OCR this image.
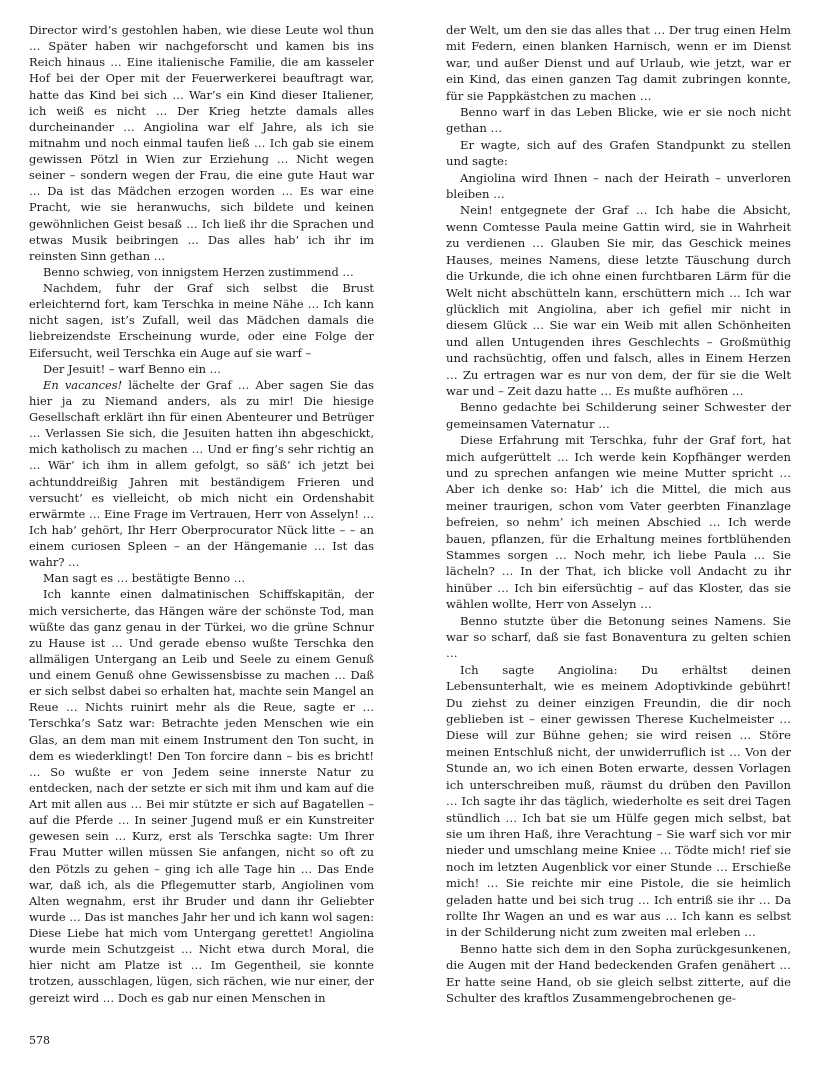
Director wird’s gestohlen haben, wie diese Leute wol thun … Später haben wir nachgeforscht und kamen bis ins Reich hinaus … Eine italienische Familie, die am kasseler Hof bei der Oper mit der Feuerwerkerei beauftragt war, hatte das Kind bei sich … War’s ein Kind dieser Italiener, ich weiß es nicht … Der Krieg hetzte damals alles durcheinander … Angiolina war elf Jahre, als ich sie mitnahm und noch einmal taufen ließ … Ich gab sie einem gewissen Pötzl in Wien zur Erziehung … Nicht wegen seiner – sondern wegen der Frau, die eine gute Haut war … Da ist das Mädchen erzogen worden … Es war eine Pracht, wie sie heranwuchs, sich bildete und keinen gewöhnlichen Geist besaß … Ich ließ ihr die Sprachen und etwas Musik beibringen … Das alles hab’ ich ihr im reinsten Sinn gethan …

Benno schwieg, von innigstem Herzen zustimmend …

Nachdem, fuhr der Graf sich selbst die Brust erleichternd fort, kam Terschka in meine Nähe … Ich kann nicht sagen, ist’s Zufall, weil das Mädchen damals die liebreizendste Erscheinung wurde, oder eine Folge der Eifersucht, weil Terschka ein Auge auf sie warf –

Der Jesuit! – warf Benno ein …

En vacances! lächelte der Graf … Aber sagen Sie das hier ja zu Niemand anders, als zu mir! Die hiesige Gesellschaft erklärt ihn für einen Abenteurer und Betrüger … Verlassen Sie sich, die Jesuiten hatten ihn abgeschickt, mich katholisch zu machen … Und er fing’s sehr richtig an … Wär’ ich ihm in allem gefolgt, so säß’ ich jetzt bei achtunddreißig Jahren mit beständigem Frieren und versucht’ es vielleicht, ob mich nicht ein Ordenshabit erwärmte … Eine Frage im Vertrauen, Herr von Asselyn! … Ich hab’ gehört, Ihr Herr Oberprocurator Nück litte – – an einem curiosen Spleen – an der Hängemanie … Ist das wahr? …

Man sagt es … bestätigte Benno …

Ich kannte einen dalmatinischen Schiffskapitän, der mich versicherte, das Hängen wäre der schönste Tod, man wüßte das ganz genau in der Türkei, wo die grüne Schnur zu Hause ist … Und gerade ebenso wußte Terschka den allmäligen Untergang an Leib und Seele zu einem Genuß und einem Genuß ohne Gewissensbisse zu machen … Daß er sich selbst dabei so erhalten hat, machte sein Mangel an Reue … Nichts ruinirt mehr als die Reue, sagte er … Terschka’s Satz war: Betrachte jeden Menschen wie ein Glas, an dem man mit einem Instrument den Ton sucht, in dem es wiederklingt! Den Ton forcire dann – bis es bricht! … So wußte er von Jedem seine innerste Natur zu entdecken, nach der setzte er sich mit ihm und kam auf die Art mit allen aus … Bei mir stützte er sich auf Bagatellen – auf die Pferde … In seiner Jugend muß er ein Kunstreiter gewesen sein … Kurz, erst als Terschka sagte: Um Ihrer Frau Mutter willen müssen Sie anfangen, nicht so oft zu den Pötzls zu gehen – ging ich alle Tage hin … Das Ende war, daß ich, als die Pflegemutter starb, Angiolinen vom Alten wegnahm, erst ihr Bruder und dann ihr Geliebter wurde … Das ist manches Jahr her und ich kann wol sagen: Diese Liebe hat mich vom Untergang gerettet! Angiolina wurde mein Schutzgeist … Nicht etwa durch Moral, die hier nicht am Platze ist … Im Gegentheil, sie konnte trotzen, ausschlagen, lügen, sich rächen, wie nur einer, der gereizt wird … Doch es gab nur einen Menschen in

der Welt, um den sie das alles that … Der trug einen Helm mit Federn, einen blanken Harnisch, wenn er im Dienst war, und außer Dienst und auf Urlaub, wie jetzt, war er ein Kind, das einen ganzen Tag damit zubringen konnte, für sie Pappkästchen zu machen …

Benno warf in das Leben Blicke, wie er sie noch nicht gethan …

Er wagte, sich auf des Grafen Standpunkt zu stellen und sagte:

Angiolina wird Ihnen – nach der Heirath – unverloren bleiben …

Nein! entgegnete der Graf … Ich habe die Absicht, wenn Comtesse Paula meine Gattin wird, sie in Wahrheit zu verdienen … Glauben Sie mir, das Geschick meines Hauses, meines Namens, diese letzte Täuschung durch die Urkunde, die ich ohne einen furchtbaren Lärm für die Welt nicht abschütteln kann, erschüttern mich … Ich war glücklich mit Angiolina, aber ich gefiel mir nicht in diesem Glück … Sie war ein Weib mit allen Schönheiten und allen Untugenden ihres Geschlechts – Großmüthig und rachsüchtig, offen und falsch, alles in Einem Herzen … Zu ertragen war es nur von dem, der für sie die Welt war und – Zeit dazu hatte … Es mußte aufhören …

Benno gedachte bei Schilderung seiner Schwester der gemeinsamen Vaternatur …

Diese Erfahrung mit Terschka, fuhr der Graf fort, hat mich aufgerüttelt … Ich werde kein Kopfhänger werden und zu sprechen anfangen wie meine Mutter spricht … Aber ich denke so: Hab’ ich die Mittel, die mich aus meiner traurigen, schon vom Vater geerbten Finanzlage befreien, so nehm’ ich meinen Abschied … Ich werde bauen, pflanzen, für die Erhaltung meines fortblühenden Stammes sorgen … Noch mehr, ich liebe Paula … Sie lächeln? … In der That, ich blicke voll Andacht zu ihr hinüber … Ich bin eifersüchtig – auf das Kloster, das sie wählen wollte, Herr von Asselyn …

Benno stutzte über die Betonung seines Namens. Sie war so scharf, daß sie fast Bonaventura zu gelten schien …

Ich sagte Angiolina: Du erhältst deinen Lebensunterhalt, wie es meinem Adoptivkinde gebührt! Du ziehst zu deiner einzigen Freundin, die dir noch geblieben ist – einer gewissen Therese Kuchelmeister … Diese will zur Bühne gehen; sie wird reisen … Störe meinen Entschluß nicht, der unwiderruflich ist … Von der Stunde an, wo ich einen Boten erwarte, dessen Vorlagen ich unterschreiben muß, räumst du drüben den Pavillon … Ich sagte ihr das täglich, wiederholte es seit drei Tagen stündlich … Ich bat sie um Hülfe gegen mich selbst, bat sie um ihren Haß, ihre Verachtung – Sie warf sich vor mir nieder und umschlang meine Kniee … Tödte mich! rief sie noch im letzten Augenblick vor einer Stunde … Erschieße mich! … Sie reichte mir eine Pistole, die sie heimlich geladen hatte und bei sich trug … Ich entriß sie ihr … Da rollte Ihr Wagen an und es war aus … Ich kann es selbst in der Schilderung nicht zum zweiten mal erleben …

Benno hatte sich dem in den Sopha zurückgesunkenen, die Augen mit der Hand bedeckenden Grafen genähert … Er hatte seine Hand, ob sie gleich selbst zitterte, auf die Schulter des kraftlos Zusammengebrochenen ge-

578
